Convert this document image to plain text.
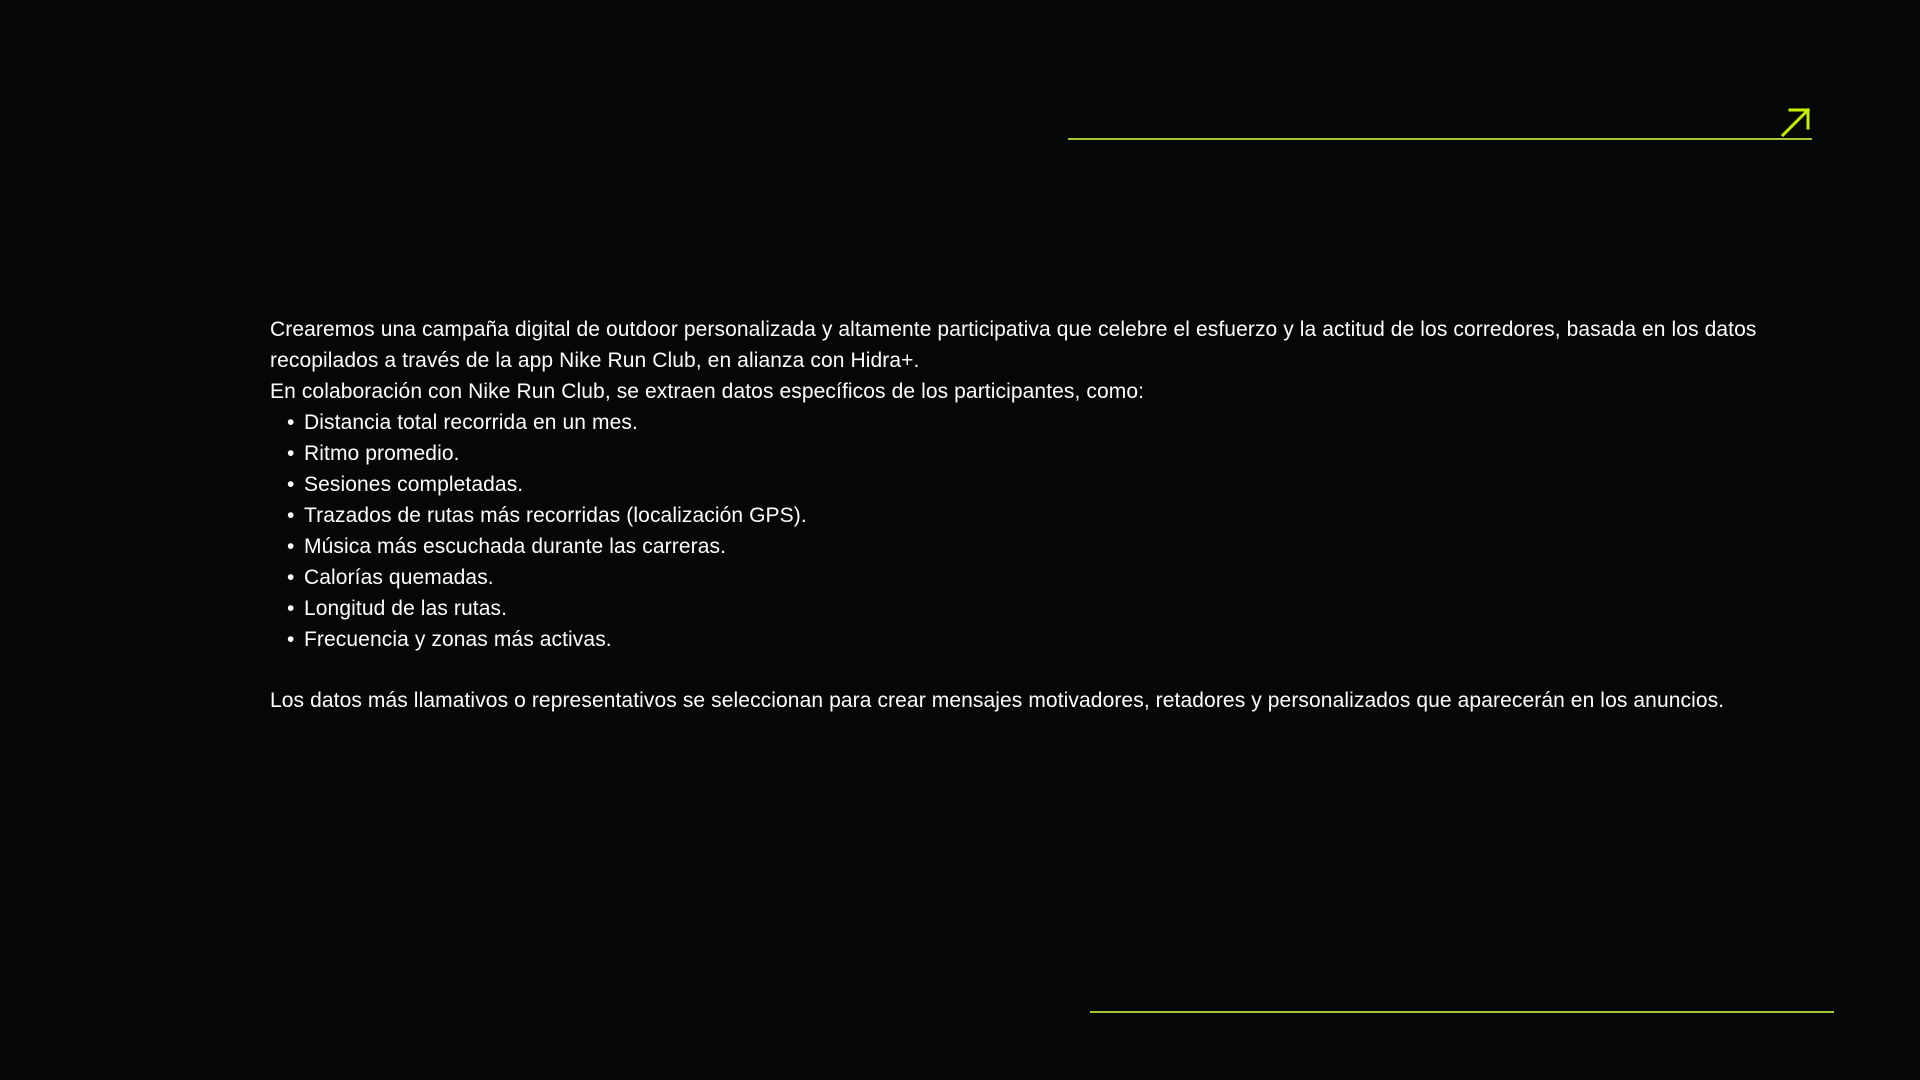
Crearemos una campaña digital de outdoor personalizada y altamente participativa que celebre el esfuerzo y la actitud de los corredores, basada en los datos recopilados a través de la app Nike Run Club, en alianza con Hidra+.

En colaboración con Nike Run Club, se extraen datos específicos de los participantes, como:

• Distancia total recorrida en un mes.
• Ritmo promedio.
• Sesiones completadas.
• Trazados de rutas más recorridas (localización GPS).
• Música más escuchada durante las carreras.
• Calorías quemadas.
• Longitud de las rutas.
• Frecuencia y zonas más activas.

Los datos más llamativos o representativos se seleccionan para crear mensajes motivadores, retadores y personalizados que aparecerán en los anuncios.
